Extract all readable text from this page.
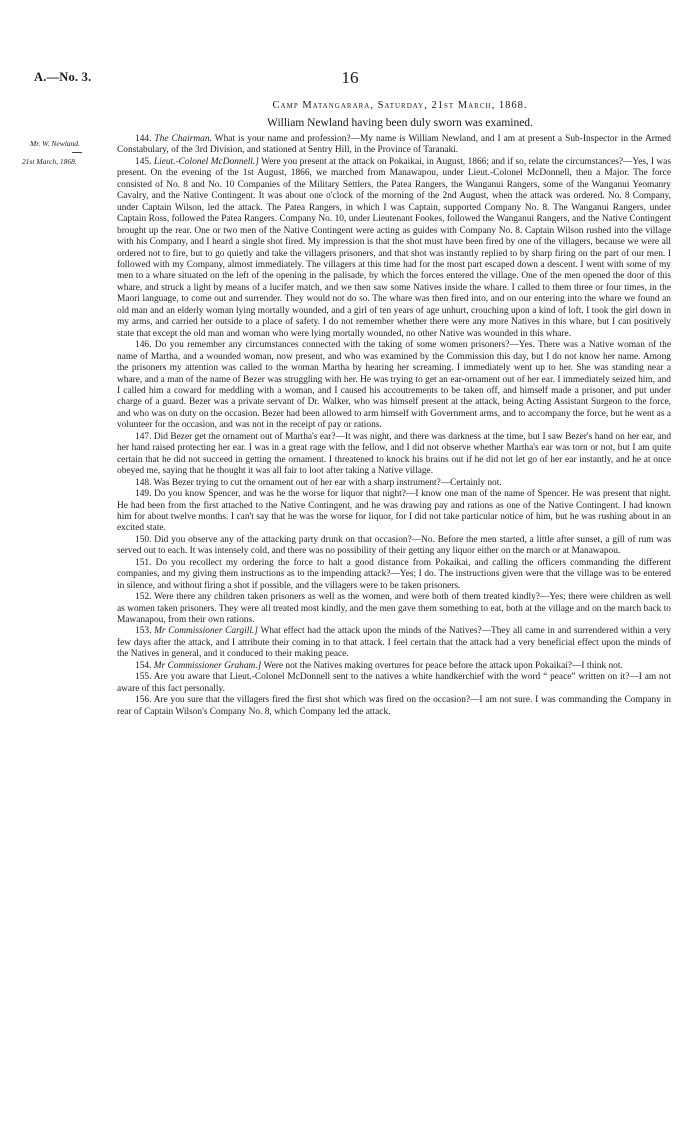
A.—No. 3.	16
Camp Matangarara, Saturday, 21st March, 1868.
William Newland having been duly sworn was examined.
Mr. W. Newland.
21st March, 1868.

144. The Chairman. What is your name and profession?—My name is William Newland, and I am at present a Sub-Inspector in the Armed Constabulary, of the 3rd Division, and stationed at Sentry Hill, in the Province of Taranaki.

145. Lieut.-Colonel McDonnell.] Were you present at the attack on Pokaikai, in August, 1866; and if so, relate the circumstances?—Yes, I was present. On the evening of the 1st August, 1866, we marched from Manawapou, under Lieut.-Colonel McDonnell, then a Major. The force consisted of No. 8 and No. 10 Companies of the Military Settlers, the Patea Rangers, the Wanganui Rangers, some of the Wanganui Yeomanry Cavalry, and the Native Contingent. It was about one o'clock of the morning of the 2nd August, when the attack was ordered. No. 8 Company, under Captain Wilson, led the attack. The Patea Rangers, in which I was Captain, supported Company No. 8. The Wanganui Rangers, under Captain Ross, followed the Patea Rangers. Company No. 10, under Lieutenant Fookes, followed the Wanganui Rangers, and the Native Contingent brought up the rear. One or two men of the Native Contingent were acting as guides with Company No. 8. Captain Wilson rushed into the village with his Company, and I heard a single shot fired. My impression is that the shot must have been fired by one of the villagers, because we were all ordered not to fire, but to go quietly and take the villagers prisoners, and that shot was instantly replied to by sharp firing on the part of our men. I followed with my Company, almost immediately. The villagers at this time had for the most part escaped down a descent. I went with some of my men to a whare situated on the left of the opening in the palisade, by which the forces entered the village. One of the men opened the door of this whare, and struck a light by means of a lucifer match, and we then saw some Natives inside the whare. I called to them three or four times, in the Maori language, to come out and surrender. They would not do so. The whare was then fired into, and on our entering into the whare we found an old man and an elderly woman lying mortally wounded, and a girl of ten years of age unhurt, crouching upon a kind of loft. I took the girl down in my arms, and carried her outside to a place of safety. I do not remember whether there were any more Natives in this whare, but I can positively state that except the old man and woman who were lying mortally wounded, no other Native was wounded in this whare.

146. Do you remember any circumstances connected with the taking of some women prisoners?—Yes. There was a Native woman of the name of Martha, and a wounded woman, now present, and who was examined by the Commission this day, but I do not know her name. Among the prisoners my attention was called to the woman Martha by hearing her screaming. I immediately went up to her. She was standing near a whare, and a man of the name of Bezer was struggling with her. He was trying to get an ear-ornament out of her ear. I immediately seized him, and I called him a coward for meddling with a woman, and I caused his accoutrements to be taken off, and himself made a prisoner, and put under charge of a guard. Bezer was a private servant of Dr. Walker, who was himself present at the attack, being Acting Assistant Surgeon to the force, and who was on duty on the occasion. Bezer had been allowed to arm himself with Government arms, and to accompany the force, but he went as a volunteer for the occasion, and was not in the receipt of pay or rations.

147. Did Bezer get the ornament out of Martha's ear?—It was night, and there was darkness at the time, but I saw Bezer's hand on her ear, and her hand raised protecting her ear. I was in a great rage with the fellow, and I did not observe whether Martha's ear was torn or not, but I am quite certain that he did not succeed in getting the ornament. I threatened to knock his brains out if he did not let go of her ear instantly, and he at once obeyed me, saying that he thought it was all fair to loot after taking a Native village.

148. Was Bezer trying to cut the ornament out of her ear with a sharp instrument?—Certainly not.

149. Do you know Spencer, and was he the worse for liquor that night?—I know one man of the name of Spencer. He was present that night. He had been from the first attached to the Native Contingent, and he was drawing pay and rations as one of the Native Contingent. I had known him for about twelve months. I can't say that he was the worse for liquor, for I did not take particular notice of him, but he was rushing about in an excited state.

150. Did you observe any of the attacking party drunk on that occasion?—No. Before the men started, a little after sunset, a gill of rum was served out to each. It was intensely cold, and there was no possibility of their getting any liquor either on the march or at Manawapou.

151. Do you recollect my ordering the force to halt a good distance from Pokaikai, and calling the officers commanding the different companies, and my giving them instructions as to the impending attack?—Yes; I do. The instructions given were that the village was to be entered in silence, and without firing a shot if possible, and the villagers were to be taken prisoners.

152. Were there any children taken prisoners as well as the women, and were both of them treated kindly?—Yes; there were children as well as women taken prisoners. They were all treated most kindly, and the men gave them something to eat, both at the village and on the march back to Mawanapou, from their own rations.

153. Mr Commissioner Cargill.] What effect had the attack upon the minds of the Natives?—They all came in and surrendered within a very few days after the attack, and I attribute their coming in to that attack. I feel certain that the attack had a very beneficial effect upon the minds of the Natives in general, and it conduced to their making peace.

154. Mr Commissioner Graham.] Were not the Natives making overtures for peace before the attack upon Pokaikai?—I think not.

155. Are you aware that Lieut.-Colonel McDonnell sent to the natives a white handkerchief with the word “ peace” written on it?—I am not aware of this fact personally.

156. Are you sure that the villagers fired the first shot which was fired on the occasion?—I am not sure. I was commanding the Company in rear of Captain Wilson's Company No. 8, which Company led the attack.
